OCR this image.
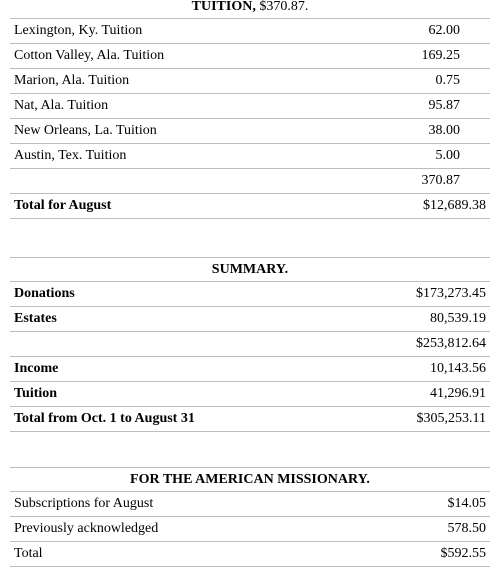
TUITION, $370.87.
Lexington, Ky. Tuition	62.00
Cotton Valley, Ala. Tuition	169.25
Marion, Ala. Tuition	0.75
Nat, Ala. Tuition	95.87
New Orleans, La. Tuition	38.00
Austin, Tex. Tuition	5.00
370.87
Total for August	$12,689.38
SUMMARY.
Donations	$173,273.45
Estates	80,539.19
$253,812.64
Income	10,143.56
Tuition	41,296.91
Total from Oct. 1 to August 31	$305,253.11
FOR THE AMERICAN MISSIONARY.
Subscriptions for August	$14.05
Previously acknowledged	578.50
Total	$592.55
